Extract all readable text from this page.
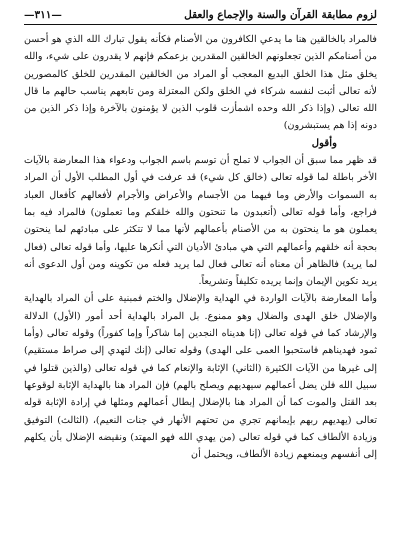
لزوم مطابقة القرآن والسنة والإجماع والعقل
—٣١١—

فالمراد بالخالقين هنا ما يدعي الكافرون من الأصنام فكأنه يقول تبارك الله الذي هو أحسن من أصنامكم الذين تجعلونهم الخالقين المقدرين بزعمكم فإنهم لا يقدرون على شيء، والله يخلق مثل هذا الخلق البديع المعجب أو المراد من الخالقين المقدرين للخلق كالمصورين لأنه تعالى أثبت لنفسه شركاء في الخلق ولكن المعتزلة ومن تابعهم يناسب حالهم ما قال الله تعالى (وإذا ذكر الله وحده اشمأزت قلوب الذين لا يؤمنون بالآخرة وإذا ذكر الذين من دونه إذا هم يستبشرون)

وأقول

قد ظهر مما سبق أن الجواب لا تملح أن توسم باسم الجواب ودعواء هذا المعارضة بالآيات الأخر باطلة لما قوله تعالى (خالق كل شيء) قد عرفت في أول المطلب الأول أن المراد به السموات والأرض وما فيهما من الأجسام والأعراض والأجرام لأفعالهم كأفعال العباد فراجع، وأما قوله تعالى (أتعبدون ما تنحتون والله خلقكم وما تعملون) فالمراد فيه بما يعملون هو ما ينحتون به من الأصنام بأعمالهم لأنها مما لا تتكثر على مبادئهم لما ينحتون بحجة أنه خلقهم وأعمالهم التي هي مبادئ الأديان التي أنكرها عليها، وأما قوله تعالى (فعال لما يريد) فالظاهر أن معناه أنه تعالى فعال لما يريد فعله من تكوينه ومن أول الدعوى أنه يريد تكوين الإيمان وإنما يريده تكليفاً وتشريعاً.

وأما المعارضة بالآيات الواردة في الهداية والإضلال والختم فمبنية على أن المراد بالهداية والإضلال خلق الهدى والضلال وهو ممنوع. بل المراد بالهداية أحد أمور (الأول) الدلالة والإرشاد كما في قوله تعالى (إنا هديناه النجدين إما شاكراً وإما كفوراً) وقوله تعالى (وأما ثمود فهديناهم فاستحبوا العمى على الهدى) وقوله تعالى (إنك لتهدي إلى صراط مستقيم) إلى غيرها من الآيات الكثيرة (الثاني) الإثابة والإنعام كما في قوله تعالى (والذين قتلوا في سبيل الله فلن يضل أعمالهم سيهديهم ويصلح بالهم) فإن المراد هنا بالهداية الإثابة لوقوعها بعد القتل والموت كما أن المراد هنا بالإضلال إبطال أعمالهم ومثلها في إرادة الإثابة قوله تعالى (يهديهم ربهم بإيمانهم تجري من تحتهم الأنهار في جنات النعيم)، (الثالث) التوفيق وزيادة الألطاف كما في قوله تعالى (من يهدي الله فهو المهتد) ونقيضه الإضلال بأن يكلهم إلى أنفسهم ويمنعهم زيادة الألطاف، ويحتمل أن
